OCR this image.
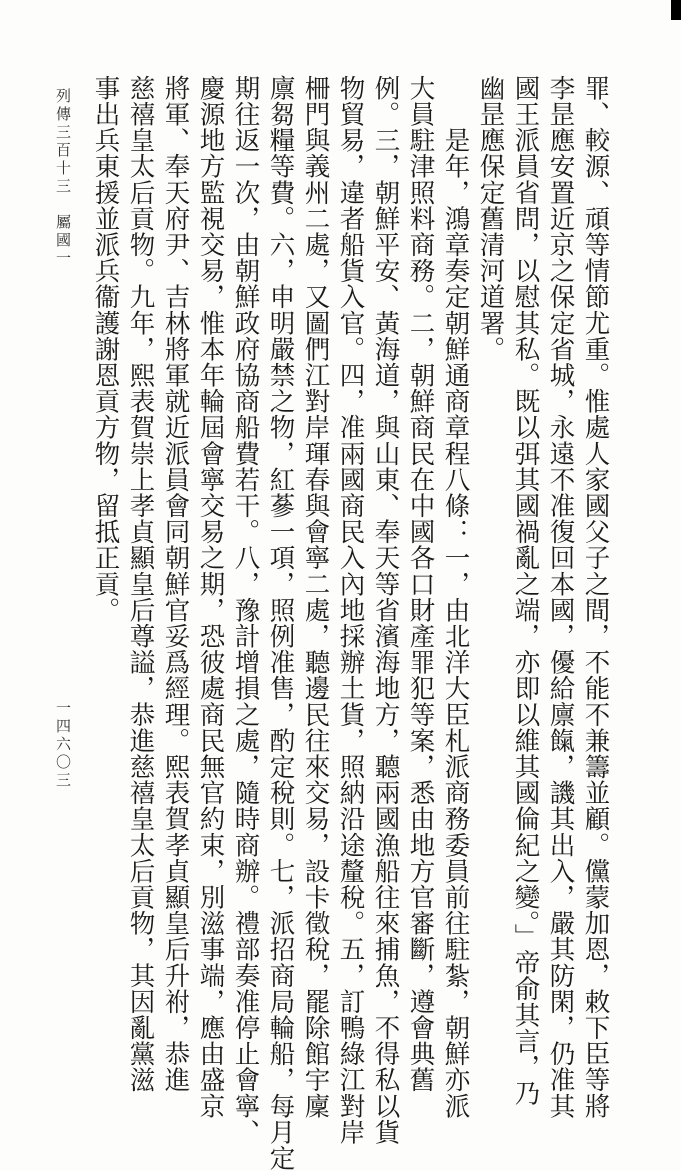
罪、較源、頑等情節尤重。惟處人家國父子之間，不能不兼籌並顧。儻蒙加恩，敕下臣等將
李昰應安置近京之保定省城，永遠不准復回本國，優給廪餼，譏其出入，嚴其防閑，仍准其
國王派員省問，以慰其私。既以弭其國禍亂之端，亦即以維其國倫紀之變。」帝俞其言，乃
幽昰應保定舊清河道署。
　　是年，鴻章奏定朝鮮通商章程八條：一，由北洋大臣札派商務委員前往駐紮，朝鮮亦派
大員駐津照料商務。二，朝鮮商民在中國各口財產罪犯等案，悉由地方官審斷，遵會典舊
例。三，朝鮮平安、黃海道，與山東、奉天等省濱海地方，聽兩國漁船往來捕魚，不得私以貨
物貿易，違者船貨入官。四，准兩國商民入內地採辦土貨，照納沿途釐稅。五，訂鴨綠江對岸
柵門與義州二處，又圖們江對岸琿春與會寧二處，聽邊民往來交易，設卡徵稅，罷除館宇廩
廪芻糧等費。六，申明嚴禁之物，紅蔘一項，照例准售，酌定稅則。七，派招商局輪船，每月定
期往返一次，由朝鮮政府協商船費若干。八，豫計增損之處，隨時商辦。禮部奏准停止會寧、
慶源地方監視交易，惟本年輪屆會寧交易之期，恐彼處商民無官約束，別滋事端，應由盛京
將軍、奉天府尹、吉林將軍就近派員會同朝鮮官妥爲經理。熙表賀孝貞顯皇后升祔，恭進
慈禧皇太后貢物。九年，熙表賀崇上孝貞顯皇后尊謚，恭進慈禧皇太后貢物，其因亂黨滋
事出兵東援並派兵衞護謝恩貢方物，留抵正貢。
列傳三百十三　屬國一
一四六〇三
